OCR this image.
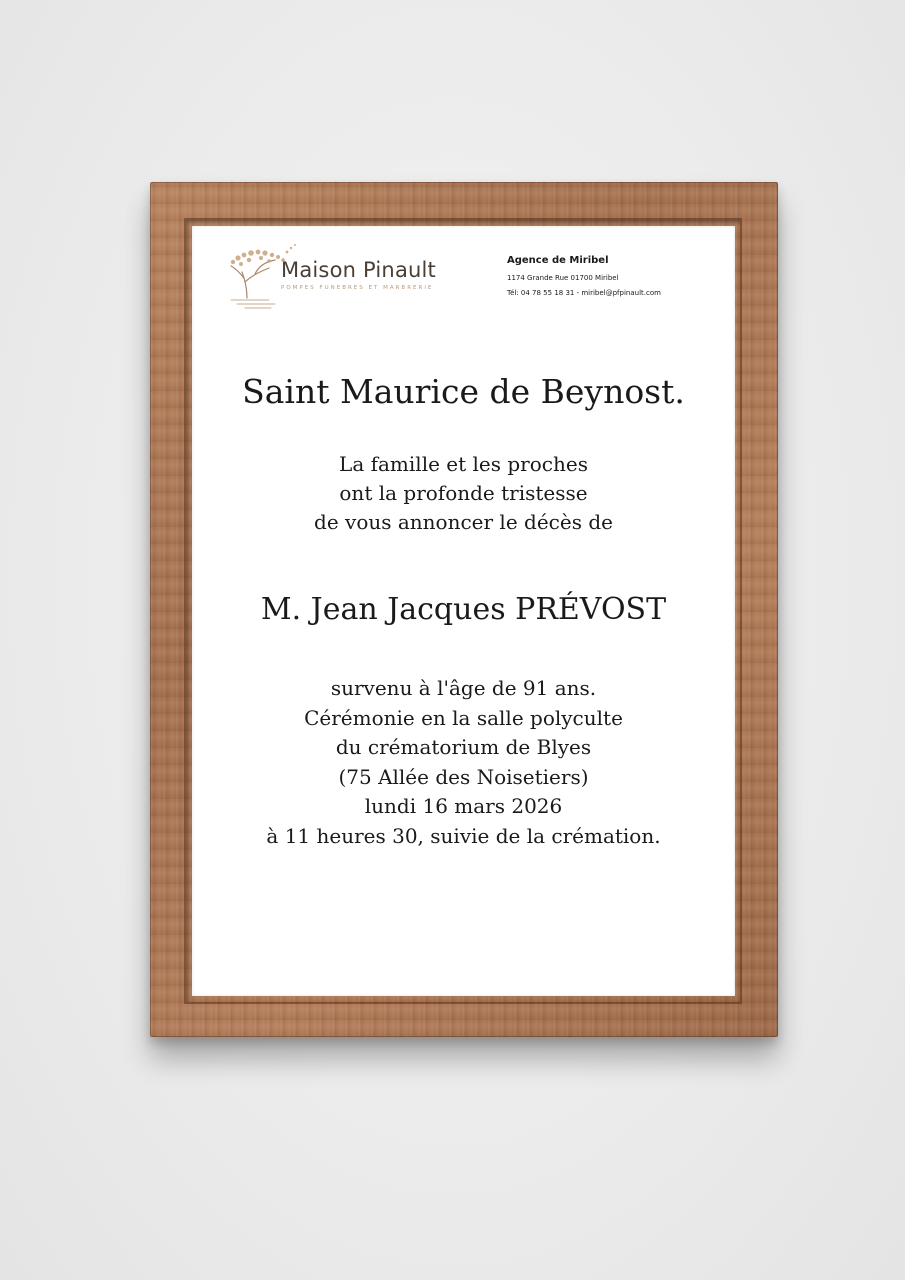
Maison Pinault
POMPES FUNEBRES ET MARBRERIE
Agence de Miribel
1174 Grande Rue 01700 Miribel
Tél: 04 78 55 18 31 - miribel@pfpinault.com
Saint Maurice de Beynost.
La famille et les proches
ont la profonde tristesse
de vous annoncer le décès de
M. Jean Jacques PRÉVOST
survenu à l'âge de 91 ans.
Cérémonie en la salle polyculte
du crématorium de Blyes
(75 Allée des Noisetiers)
lundi 16 mars 2026
à 11 heures 30, suivie de la crémation.
